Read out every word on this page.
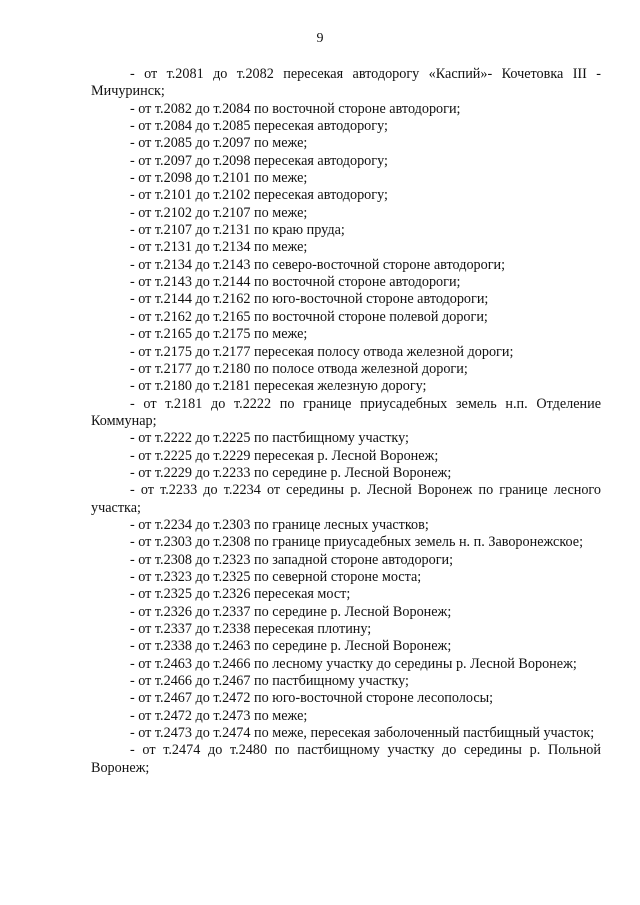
9

- от т.2081 до т.2082 пересекая автодорогу «Каспий»- Кочетовка III - Мичуринск;

- от т.2082 до т.2084 по восточной стороне автодороги;

- от т.2084 до т.2085 пересекая автодорогу;

- от т.2085 до т.2097 по меже;

- от т.2097 до т.2098 пересекая автодорогу;

- от т.2098 до т.2101 по меже;

- от т.2101 до т.2102 пересекая автодорогу;

- от т.2102 до т.2107 по меже;

- от т.2107 до т.2131 по краю пруда;

- от т.2131 до т.2134 по меже;

- от т.2134 до т.2143 по северо-восточной стороне автодороги;

- от т.2143 до т.2144 по восточной стороне автодороги;

- от т.2144 до т.2162 по юго-восточной стороне автодороги;

- от т.2162 до т.2165 по восточной стороне полевой дороги;

- от т.2165 до т.2175 по меже;

- от т.2175 до т.2177 пересекая полосу отвода железной дороги;

- от т.2177 до т.2180 по полосе отвода железной дороги;

- от т.2180 до т.2181 пересекая железную дорогу;

- от т.2181 до т.2222 по границе приусадебных земель н.п. Отделение Коммунар;

- от т.2222 до т.2225 по пастбищному участку;

- от т.2225 до т.2229 пересекая р. Лесной Воронеж;

- от т.2229 до т.2233 по середине р. Лесной Воронеж;

- от т.2233 до т.2234 от середины р. Лесной Воронеж по границе лесного участка;

- от т.2234 до т.2303 по границе лесных участков;

- от т.2303 до т.2308 по границе приусадебных земель н. п. Заворонежское;

- от т.2308 до т.2323 по западной стороне автодороги;

- от т.2323 до т.2325 по северной стороне моста;

- от т.2325 до т.2326 пересекая мост;

- от т.2326 до т.2337 по середине р. Лесной Воронеж;

- от т.2337 до т.2338 пересекая плотину;

- от т.2338 до т.2463 по середине р. Лесной Воронеж;

- от т.2463 до т.2466 по лесному участку до середины р. Лесной Воронеж;

- от т.2466 до т.2467 по пастбищному участку;

- от т.2467 до т.2472 по юго-восточной стороне лесополосы;

- от т.2472 до т.2473 по меже;

- от т.2473 до т.2474 по меже, пересекая заболоченный пастбищный участок;

- от т.2474 до т.2480 по пастбищному участку до середины р. Польной Воронеж;
